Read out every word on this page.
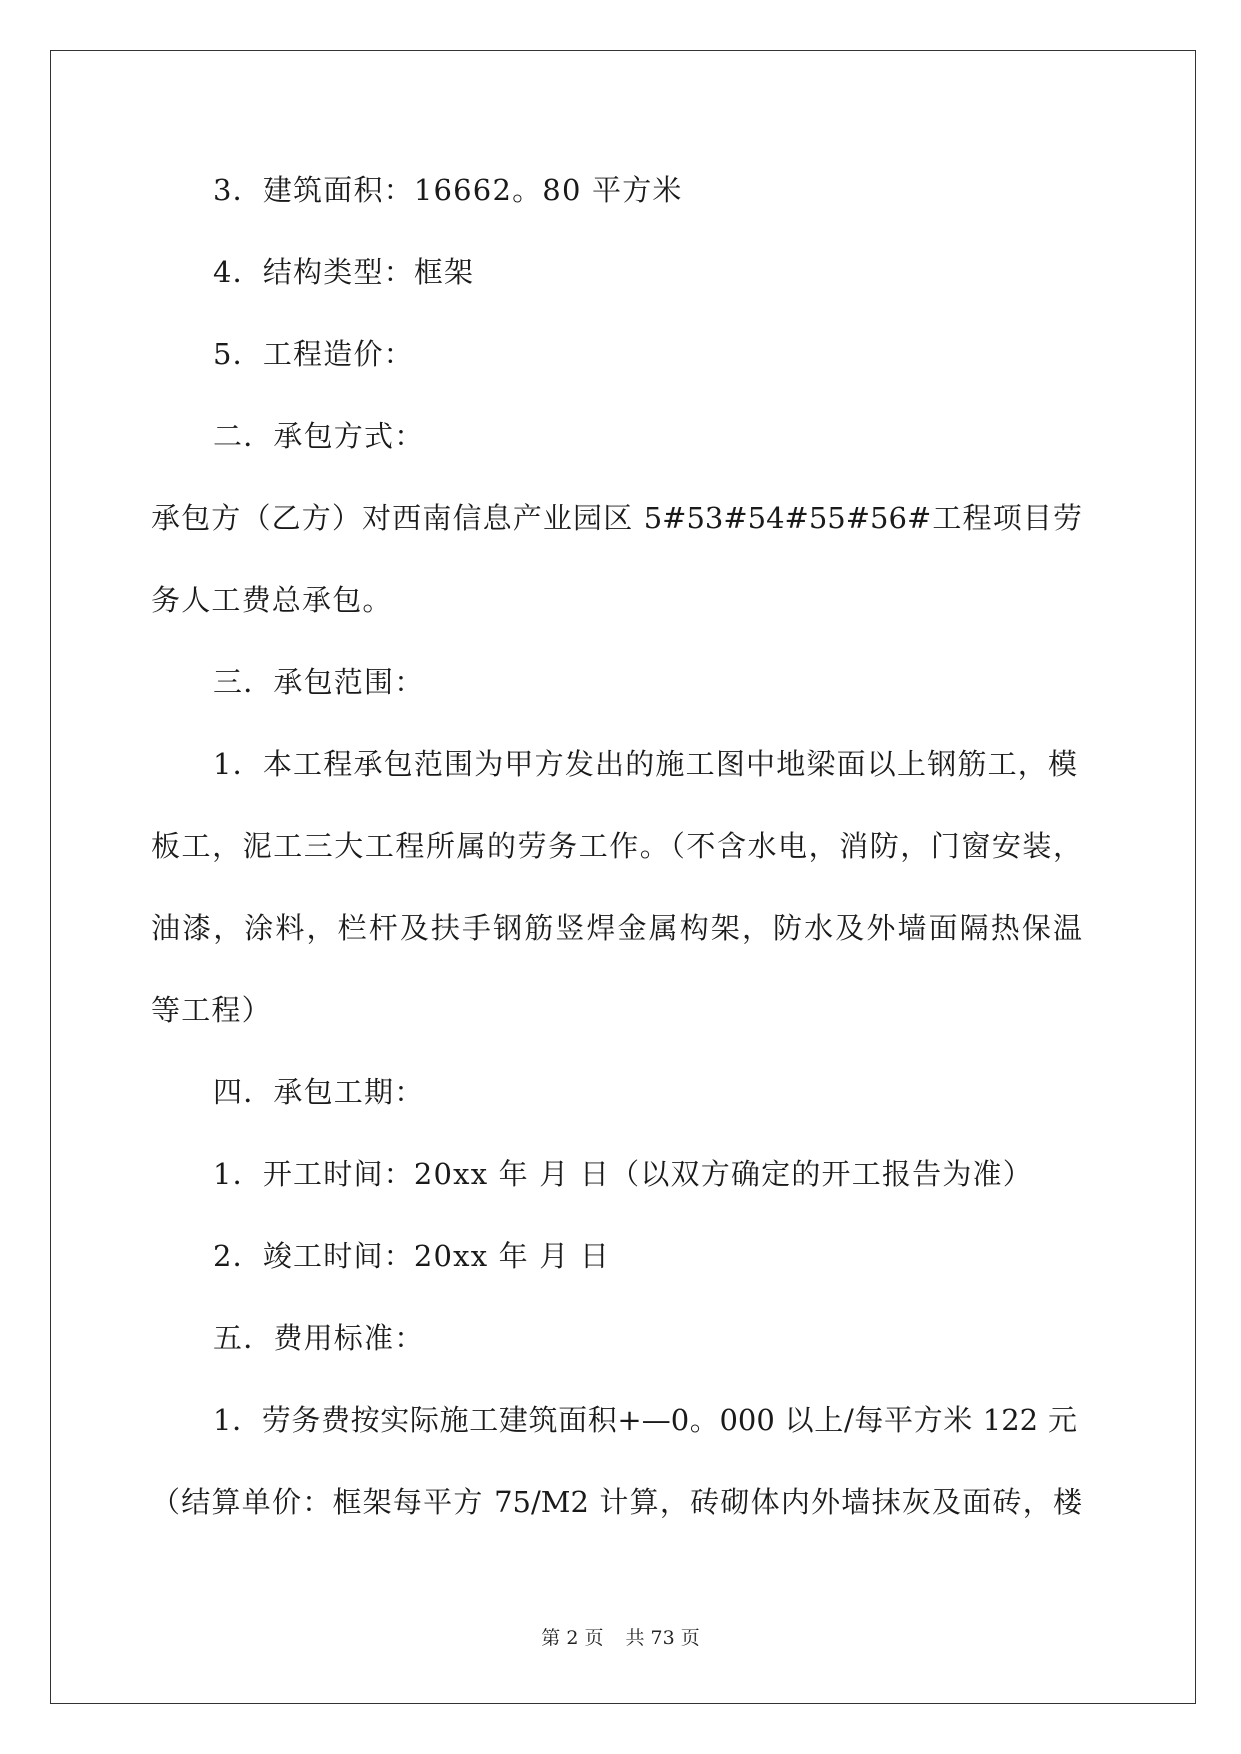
3．建筑面积：16662。80 平方米
4．结构类型：框架
5．工程造价：
二．承包方式：
承包方（乙方）对西南信息产业园区 5#53#54#55#56#工程项目劳
务人工费总承包。
三．承包范围：
1．本工程承包范围为甲方发出的施工图中地梁面以上钢筋工，模
板工，泥工三大工程所属的劳务工作。（不含水电，消防，门窗安装，
油漆，涂料，栏杆及扶手钢筋竖焊金属构架，防水及外墙面隔热保温
等工程）
四．承包工期：
1．开工时间：20xx 年 月 日（以双方确定的开工报告为准）
2．竣工时间：20xx 年 月 日
五．费用标准：
1．劳务费按实际施工建筑面积+—0。000 以上/每平方米 122 元
（结算单价：框架每平方 75/M2 计算，砖砌体内外墙抹灰及面砖，楼
第 2 页 共 73 页
